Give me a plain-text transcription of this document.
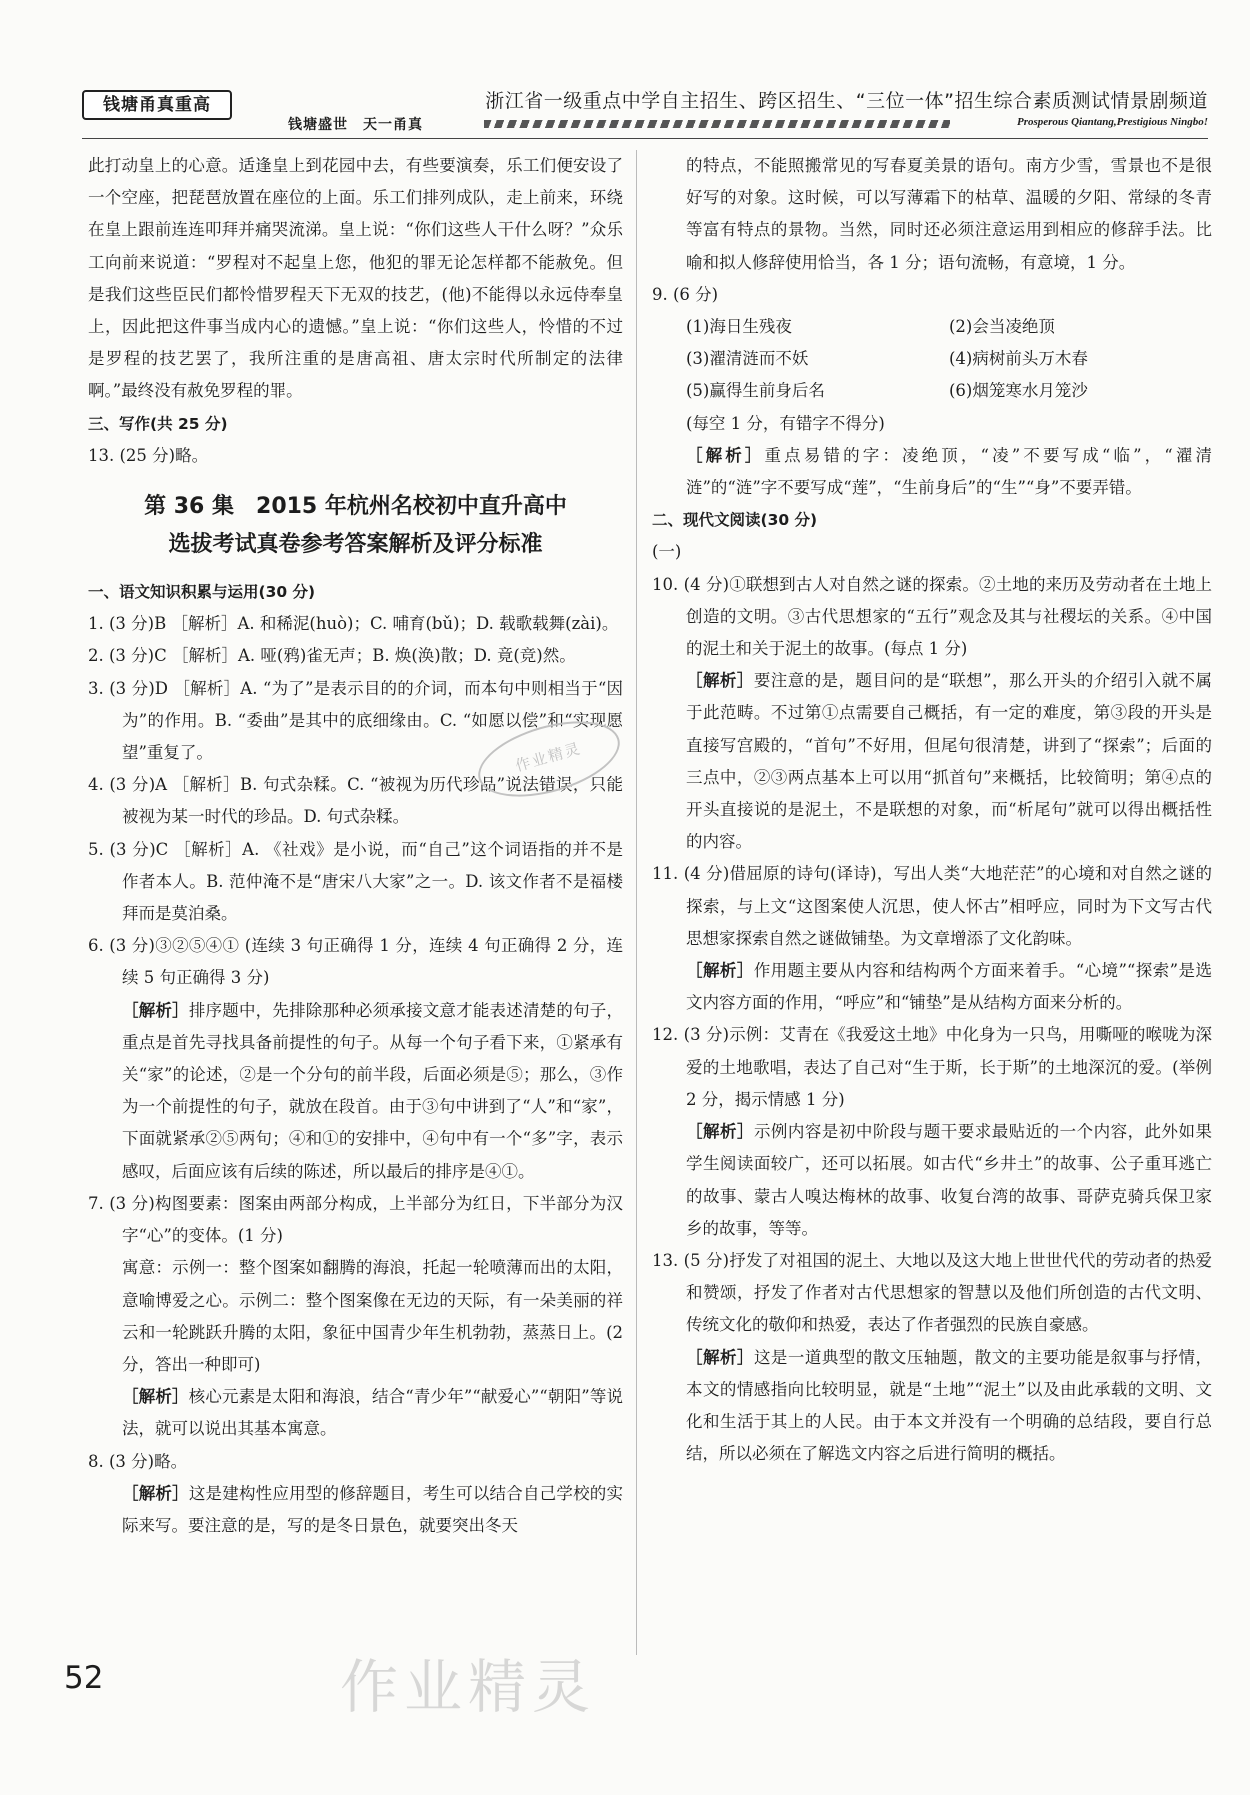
钱塘甬真重高
钱塘盛世　天一甬真
浙江省一级重点中学自主招生、跨区招生、“三位一体”招生综合素质测试情景剧频道
Prosperous Qiantang,Prestigious Ningbo!

此打动皇上的心意。适逢皇上到花园中去，有些要演奏，乐工们便安设了一个空座，把琵琶放置在座位的上面。乐工们排列成队，走上前来，环绕在皇上跟前连连叩拜并痛哭流涕。皇上说：“你们这些人干什么呀？”众乐工向前来说道：“罗程对不起皇上您，他犯的罪无论怎样都不能赦免。但是我们这些臣民们都怜惜罗程天下无双的技艺，(他)不能得以永远侍奉皇上，因此把这件事当成内心的遗憾。”皇上说：“你们这些人，怜惜的不过是罗程的技艺罢了，我所注重的是唐高祖、唐太宗时代所制定的法律啊。”最终没有赦免罗程的罪。

三、写作(共 25 分)

13. (25 分)略。

第 36 集　2015 年杭州名校初中直升高中
选拔考试真卷参考答案解析及评分标准

一、语文知识积累与运用(30 分)

1. (3 分)B ［解析］A. 和稀泥(huò)；C. 哺育(bǔ)；D. 载歌载舞(zài)。

2. (3 分)C ［解析］A. 哑(鸦)雀无声；B. 焕(涣)散；D. 竟(竞)然。

3. (3 分)D ［解析］A. “为了”是表示目的的介词，而本句中则相当于“因为”的作用。B. “委曲”是其中的底细缘由。C. “如愿以偿”和“实现愿望”重复了。

4. (3 分)A ［解析］B. 句式杂糅。C. “被视为历代珍品”说法错误，只能被视为某一时代的珍品。D. 句式杂糅。

5. (3 分)C ［解析］A. 《社戏》是小说，而“自己”这个词语指的并不是作者本人。B. 范仲淹不是“唐宋八大家”之一。D. 该文作者不是福楼拜而是莫泊桑。

6. (3 分)③②⑤④① (连续 3 句正确得 1 分，连续 4 句正确得 2 分，连续 5 句正确得 3 分)

［解析］排序题中，先排除那种必须承接文意才能表述清楚的句子，重点是首先寻找具备前提性的句子。从每一个句子看下来，①紧承有关“家”的论述，②是一个分句的前半段，后面必须是⑤；那么，③作为一个前提性的句子，就放在段首。由于③句中讲到了“人”和“家”，下面就紧承②⑤两句；④和①的安排中，④句中有一个“多”字，表示感叹，后面应该有后续的陈述，所以最后的排序是④①。

7. (3 分)构图要素：图案由两部分构成，上半部分为红日，下半部分为汉字“心”的变体。(1 分)

寓意：示例一：整个图案如翻腾的海浪，托起一轮喷薄而出的太阳，意喻博爱之心。示例二：整个图案像在无边的天际，有一朵美丽的祥云和一轮跳跃升腾的太阳，象征中国青少年生机勃勃，蒸蒸日上。(2 分，答出一种即可)

［解析］核心元素是太阳和海浪，结合“青少年”“献爱心”“朝阳”等说法，就可以说出其基本寓意。

8. (3 分)略。

［解析］这是建构性应用型的修辞题目，考生可以结合自己学校的实际来写。要注意的是，写的是冬日景色，就要突出冬天

的特点，不能照搬常见的写春夏美景的语句。南方少雪，雪景也不是很好写的对象。这时候，可以写薄霜下的枯草、温暖的夕阳、常绿的冬青等富有特点的景物。当然，同时还必须注意运用到相应的修辞手法。比喻和拟人修辞使用恰当，各 1 分；语句流畅，有意境，1 分。

9. (6 分)

(1)海日生残夜	(2)会当凌绝顶
(3)濯清涟而不妖	(4)病树前头万木春
(5)赢得生前身后名	(6)烟笼寒水月笼沙

(每空 1 分，有错字不得分)

［解析］重点易错的字：凌绝顶，“凌”不要写成“临”，“濯清涟”的“涟”字不要写成“莲”，“生前身后”的“生”“身”不要弄错。

二、现代文阅读(30 分)

(一)

10. (4 分)①联想到古人对自然之谜的探索。②土地的来历及劳动者在土地上创造的文明。③古代思想家的“五行”观念及其与社稷坛的关系。④中国的泥土和关于泥土的故事。(每点 1 分)

［解析］要注意的是，题目问的是“联想”，那么开头的介绍引入就不属于此范畴。不过第①点需要自己概括，有一定的难度，第③段的开头是直接写宫殿的，“首句”不好用，但尾句很清楚，讲到了“探索”；后面的三点中，②③两点基本上可以用“抓首句”来概括，比较简明；第④点的开头直接说的是泥土，不是联想的对象，而“析尾句”就可以得出概括性的内容。

11. (4 分)借屈原的诗句(译诗)，写出人类“大地茫茫”的心境和对自然之谜的探索，与上文“这图案使人沉思，使人怀古”相呼应，同时为下文写古代思想家探索自然之谜做铺垫。为文章增添了文化韵味。

［解析］作用题主要从内容和结构两个方面来着手。“心境”“探索”是选文内容方面的作用，“呼应”和“铺垫”是从结构方面来分析的。

12. (3 分)示例：艾青在《我爱这土地》中化身为一只鸟，用嘶哑的喉咙为深爱的土地歌唱，表达了自己对“生于斯，长于斯”的土地深沉的爱。(举例 2 分，揭示情感 1 分)

［解析］示例内容是初中阶段与题干要求最贴近的一个内容，此外如果学生阅读面较广，还可以拓展。如古代“乡井土”的故事、公子重耳逃亡的故事、蒙古人嗅达梅林的故事、收复台湾的故事、哥萨克骑兵保卫家乡的故事，等等。

13. (5 分)抒发了对祖国的泥土、大地以及这大地上世世代代的劳动者的热爱和赞颂，抒发了作者对古代思想家的智慧以及他们所创造的古代文明、传统文化的敬仰和热爱，表达了作者强烈的民族自豪感。

［解析］这是一道典型的散文压轴题，散文的主要功能是叙事与抒情，本文的情感指向比较明显，就是“土地”“泥土”以及由此承载的文明、文化和生活于其上的人民。由于本文并没有一个明确的总结段，要自行总结，所以必须在了解选文内容之后进行简明的概括。

作业精灵
作业精灵
52
